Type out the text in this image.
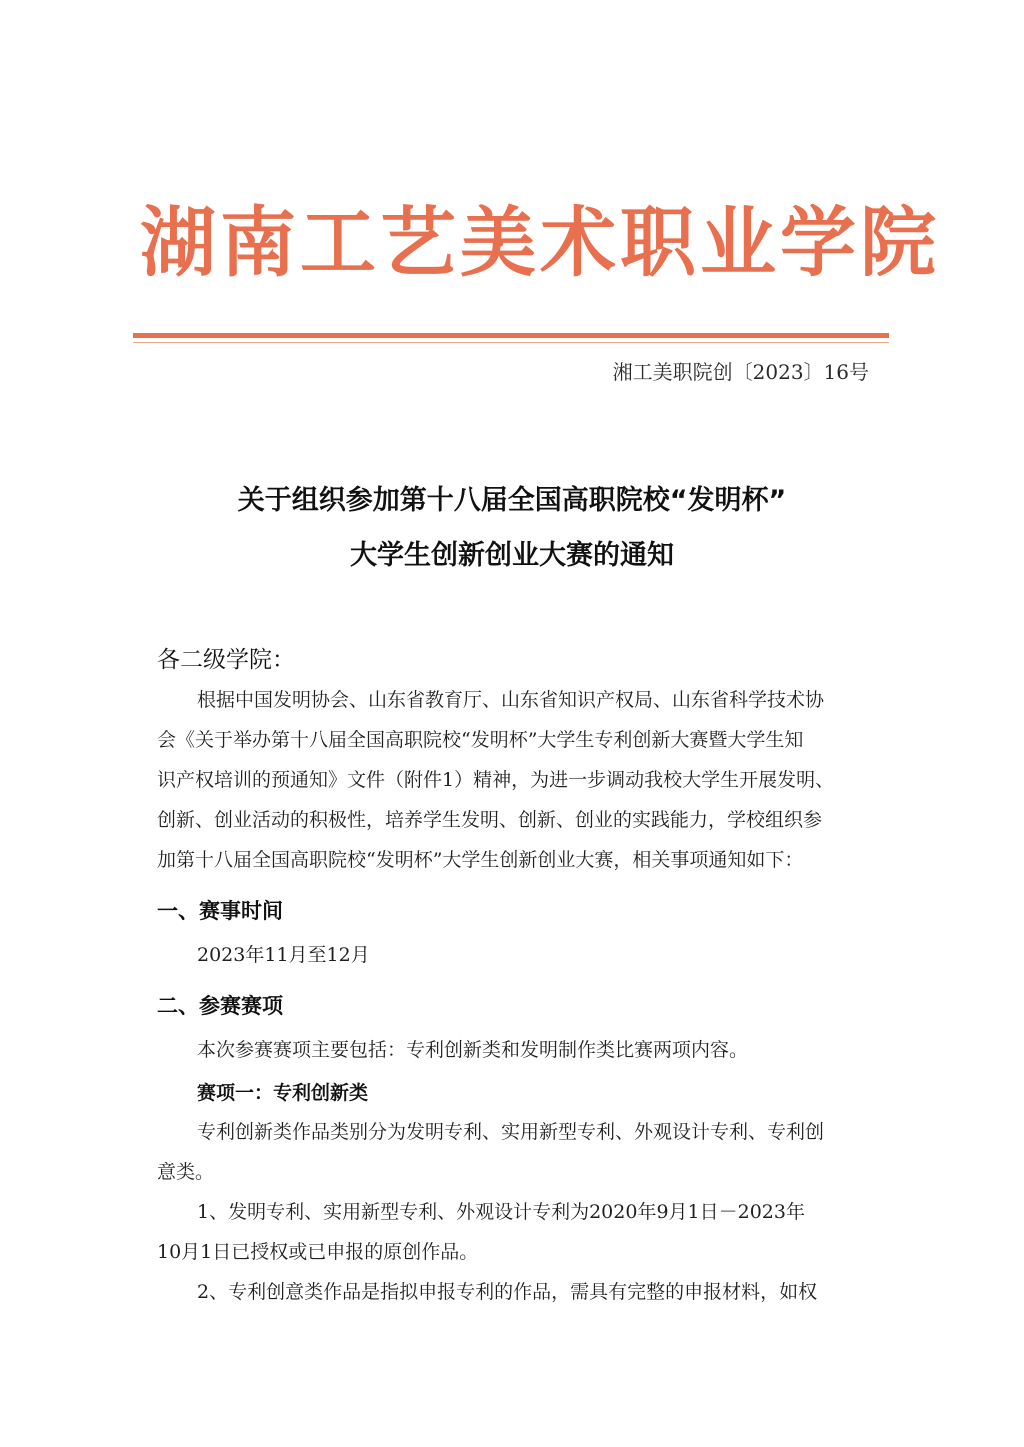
湖南工艺美术职业学院
湘工美职院创〔2023〕16号
关于组织参加第十八届全国高职院校“发明杯”
大学生创新创业大赛的通知
各二级学院：
根据中国发明协会、山东省教育厅、山东省知识产权局、山东省科学技术协
会《关于举办第十八届全国高职院校“发明杯”大学生专利创新大赛暨大学生知
识产权培训的预通知》文件（附件1）精神，为进一步调动我校大学生开展发明、
创新、创业活动的积极性，培养学生发明、创新、创业的实践能力，学校组织参
加第十八届全国高职院校“发明杯”大学生创新创业大赛，相关事项通知如下：
一、赛事时间
2023年11月至12月
二、参赛赛项
本次参赛赛项主要包括：专利创新类和发明制作类比赛两项内容。
赛项一：专利创新类
专利创新类作品类别分为发明专利、实用新型专利、外观设计专利、专利创
意类。
1、发明专利、实用新型专利、外观设计专利为2020年9月1日－2023年
10月1日已授权或已申报的原创作品。
2、专利创意类作品是指拟申报专利的作品，需具有完整的申报材料，如权
